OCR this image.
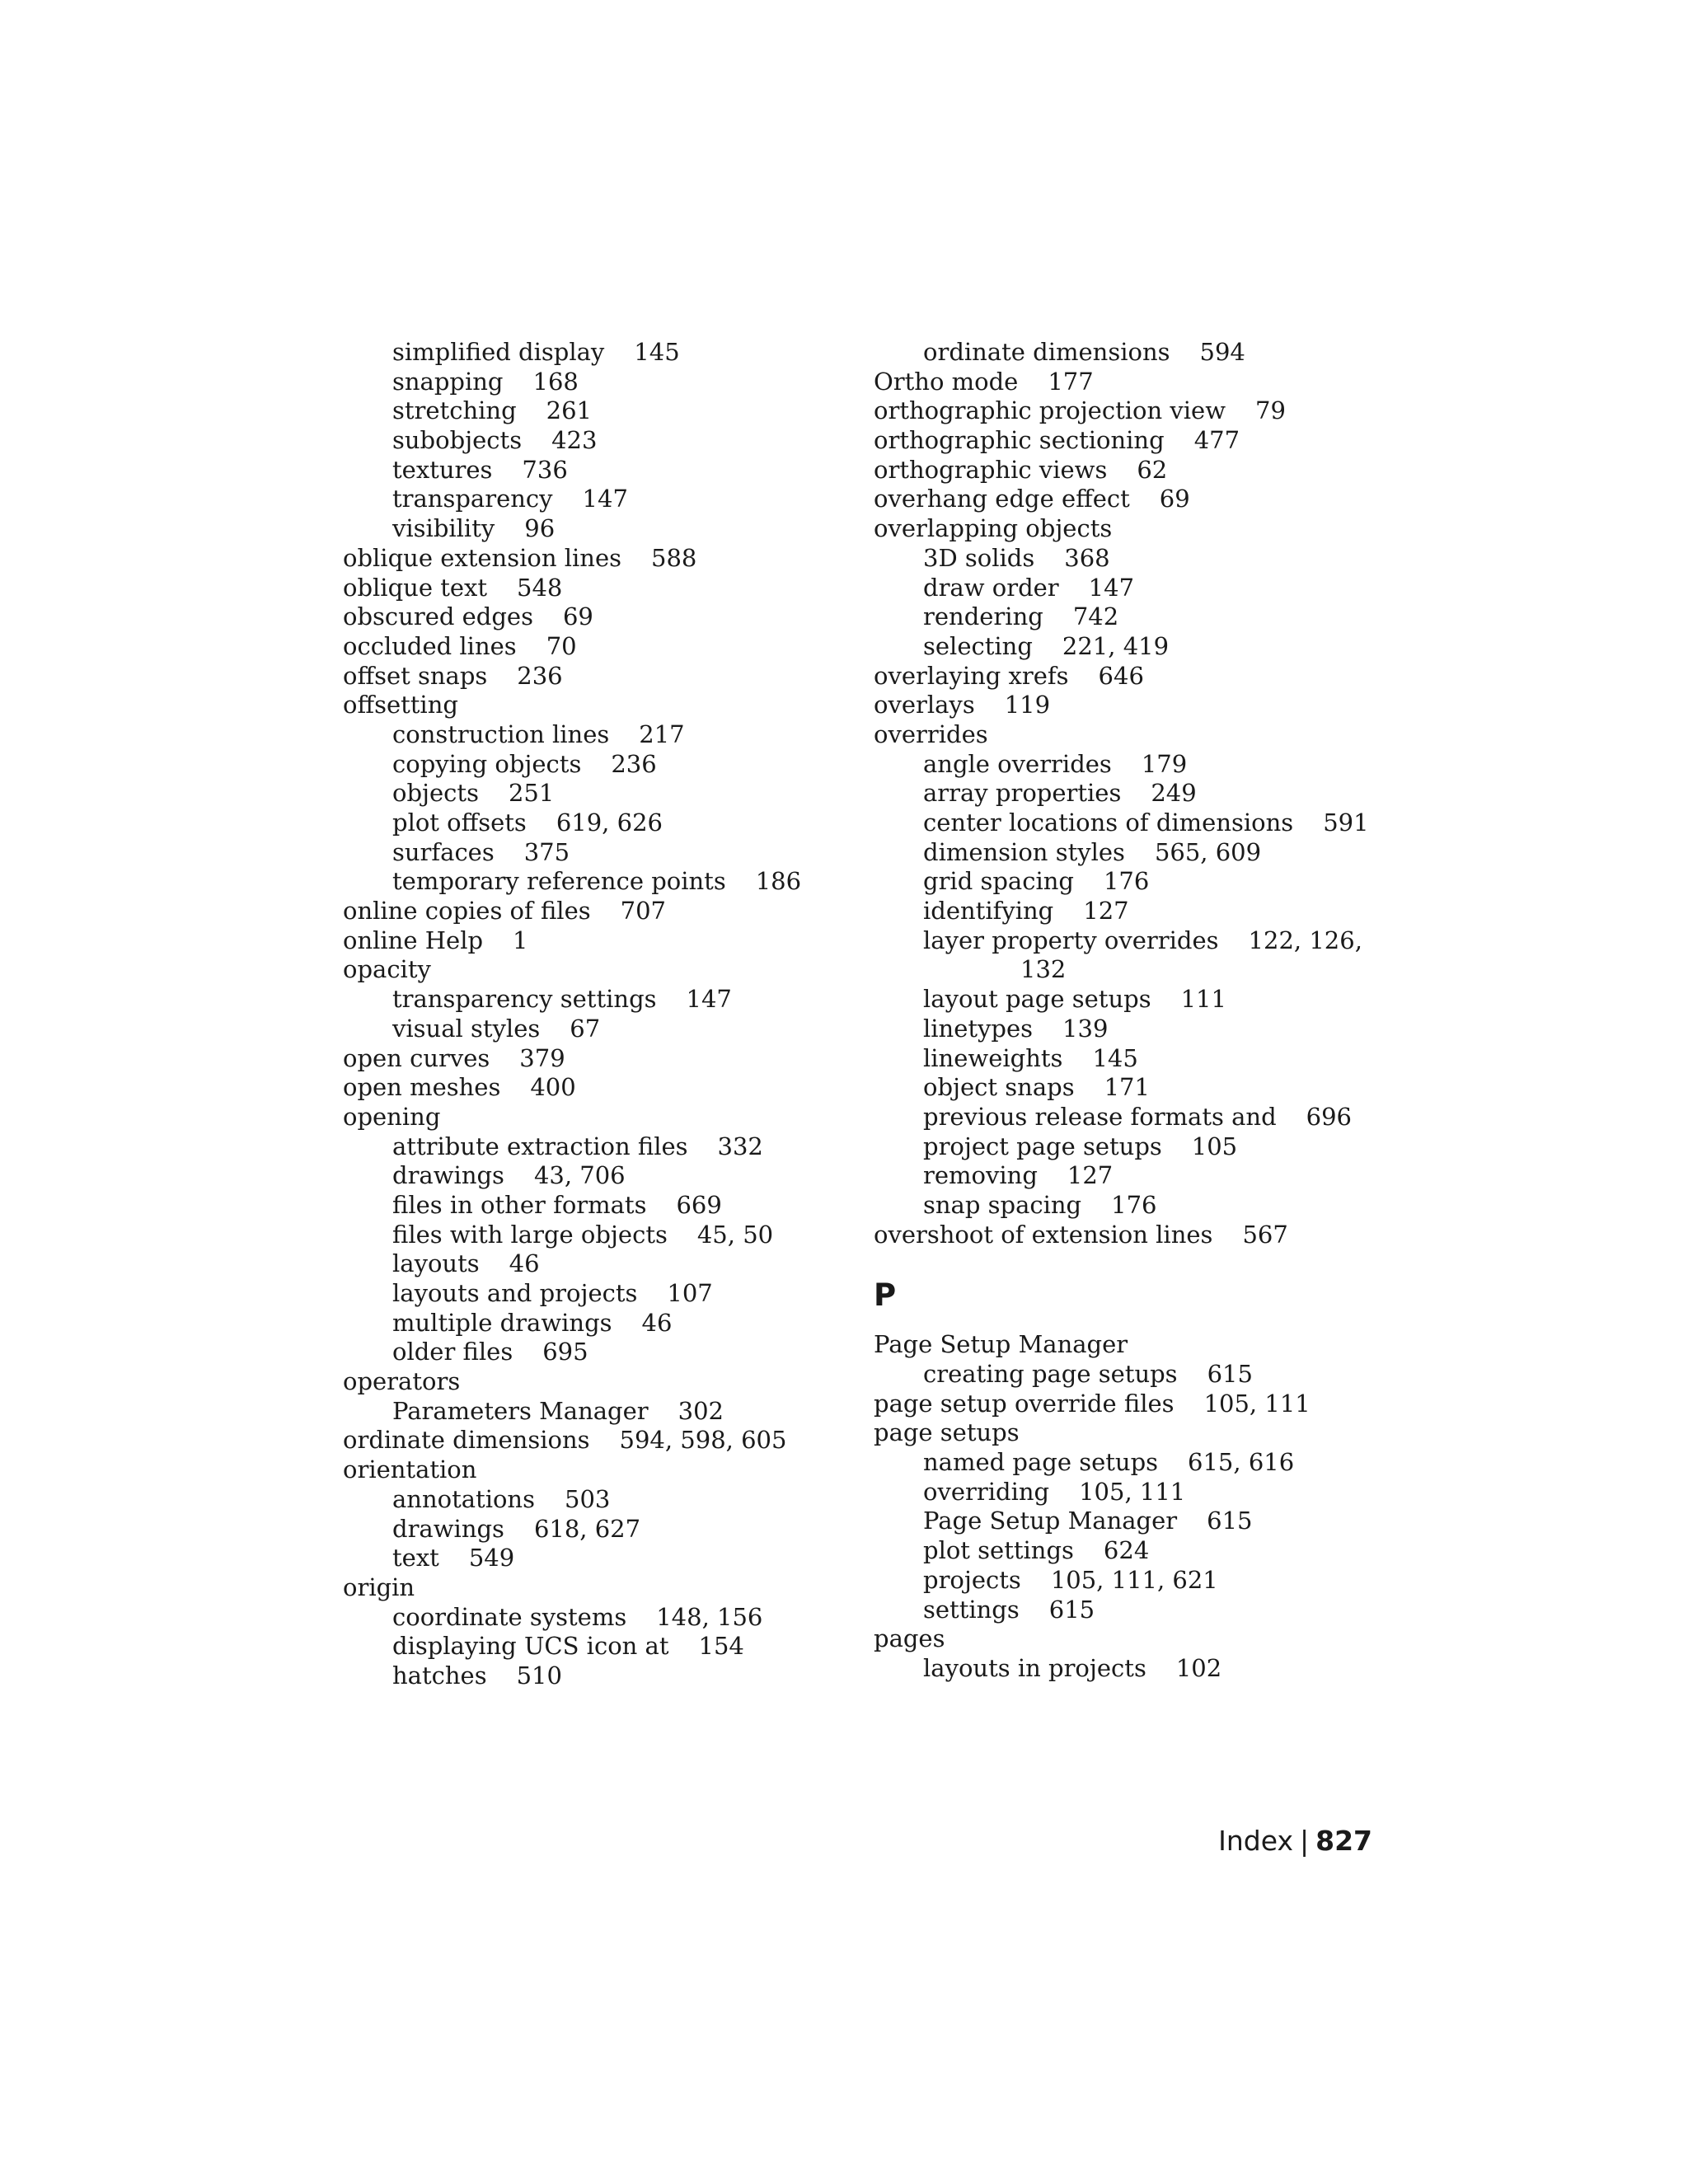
simplified display 145
snapping 168
stretching 261
subobjects 423
textures 736
transparency 147
visibility 96
oblique extension lines 588
oblique text 548
obscured edges 69
occluded lines 70
offset snaps 236
offsetting
construction lines 217
copying objects 236
objects 251
plot offsets 619, 626
surfaces 375
temporary reference points 186
online copies of files 707
online Help 1
opacity
transparency settings 147
visual styles 67
open curves 379
open meshes 400
opening
attribute extraction files 332
drawings 43, 706
files in other formats 669
files with large objects 45, 50
layouts 46
layouts and projects 107
multiple drawings 46
older files 695
operators
Parameters Manager 302
ordinate dimensions 594, 598, 605
orientation
annotations 503
drawings 618, 627
text 549
origin
coordinate systems 148, 156
displaying UCS icon at 154
hatches 510
ordinate dimensions 594
Ortho mode 177
orthographic projection view 79
orthographic sectioning 477
orthographic views 62
overhang edge effect 69
overlapping objects
3D solids 368
draw order 147
rendering 742
selecting 221, 419
overlaying xrefs 646
overlays 119
overrides
angle overrides 179
array properties 249
center locations of dimensions 591
dimension styles 565, 609
grid spacing 176
identifying 127
layer property overrides 122, 126,
132
layout page setups 111
linetypes 139
lineweights 145
object snaps 171
previous release formats and 696
project page setups 105
removing 127
snap spacing 176
overshoot of extension lines 567
P
Page Setup Manager
creating page setups 615
page setup override files 105, 111
page setups
named page setups 615, 616
overriding 105, 111
Page Setup Manager 615
plot settings 624
projects 105, 111, 621
settings 615
pages
layouts in projects 102
Index | 827
